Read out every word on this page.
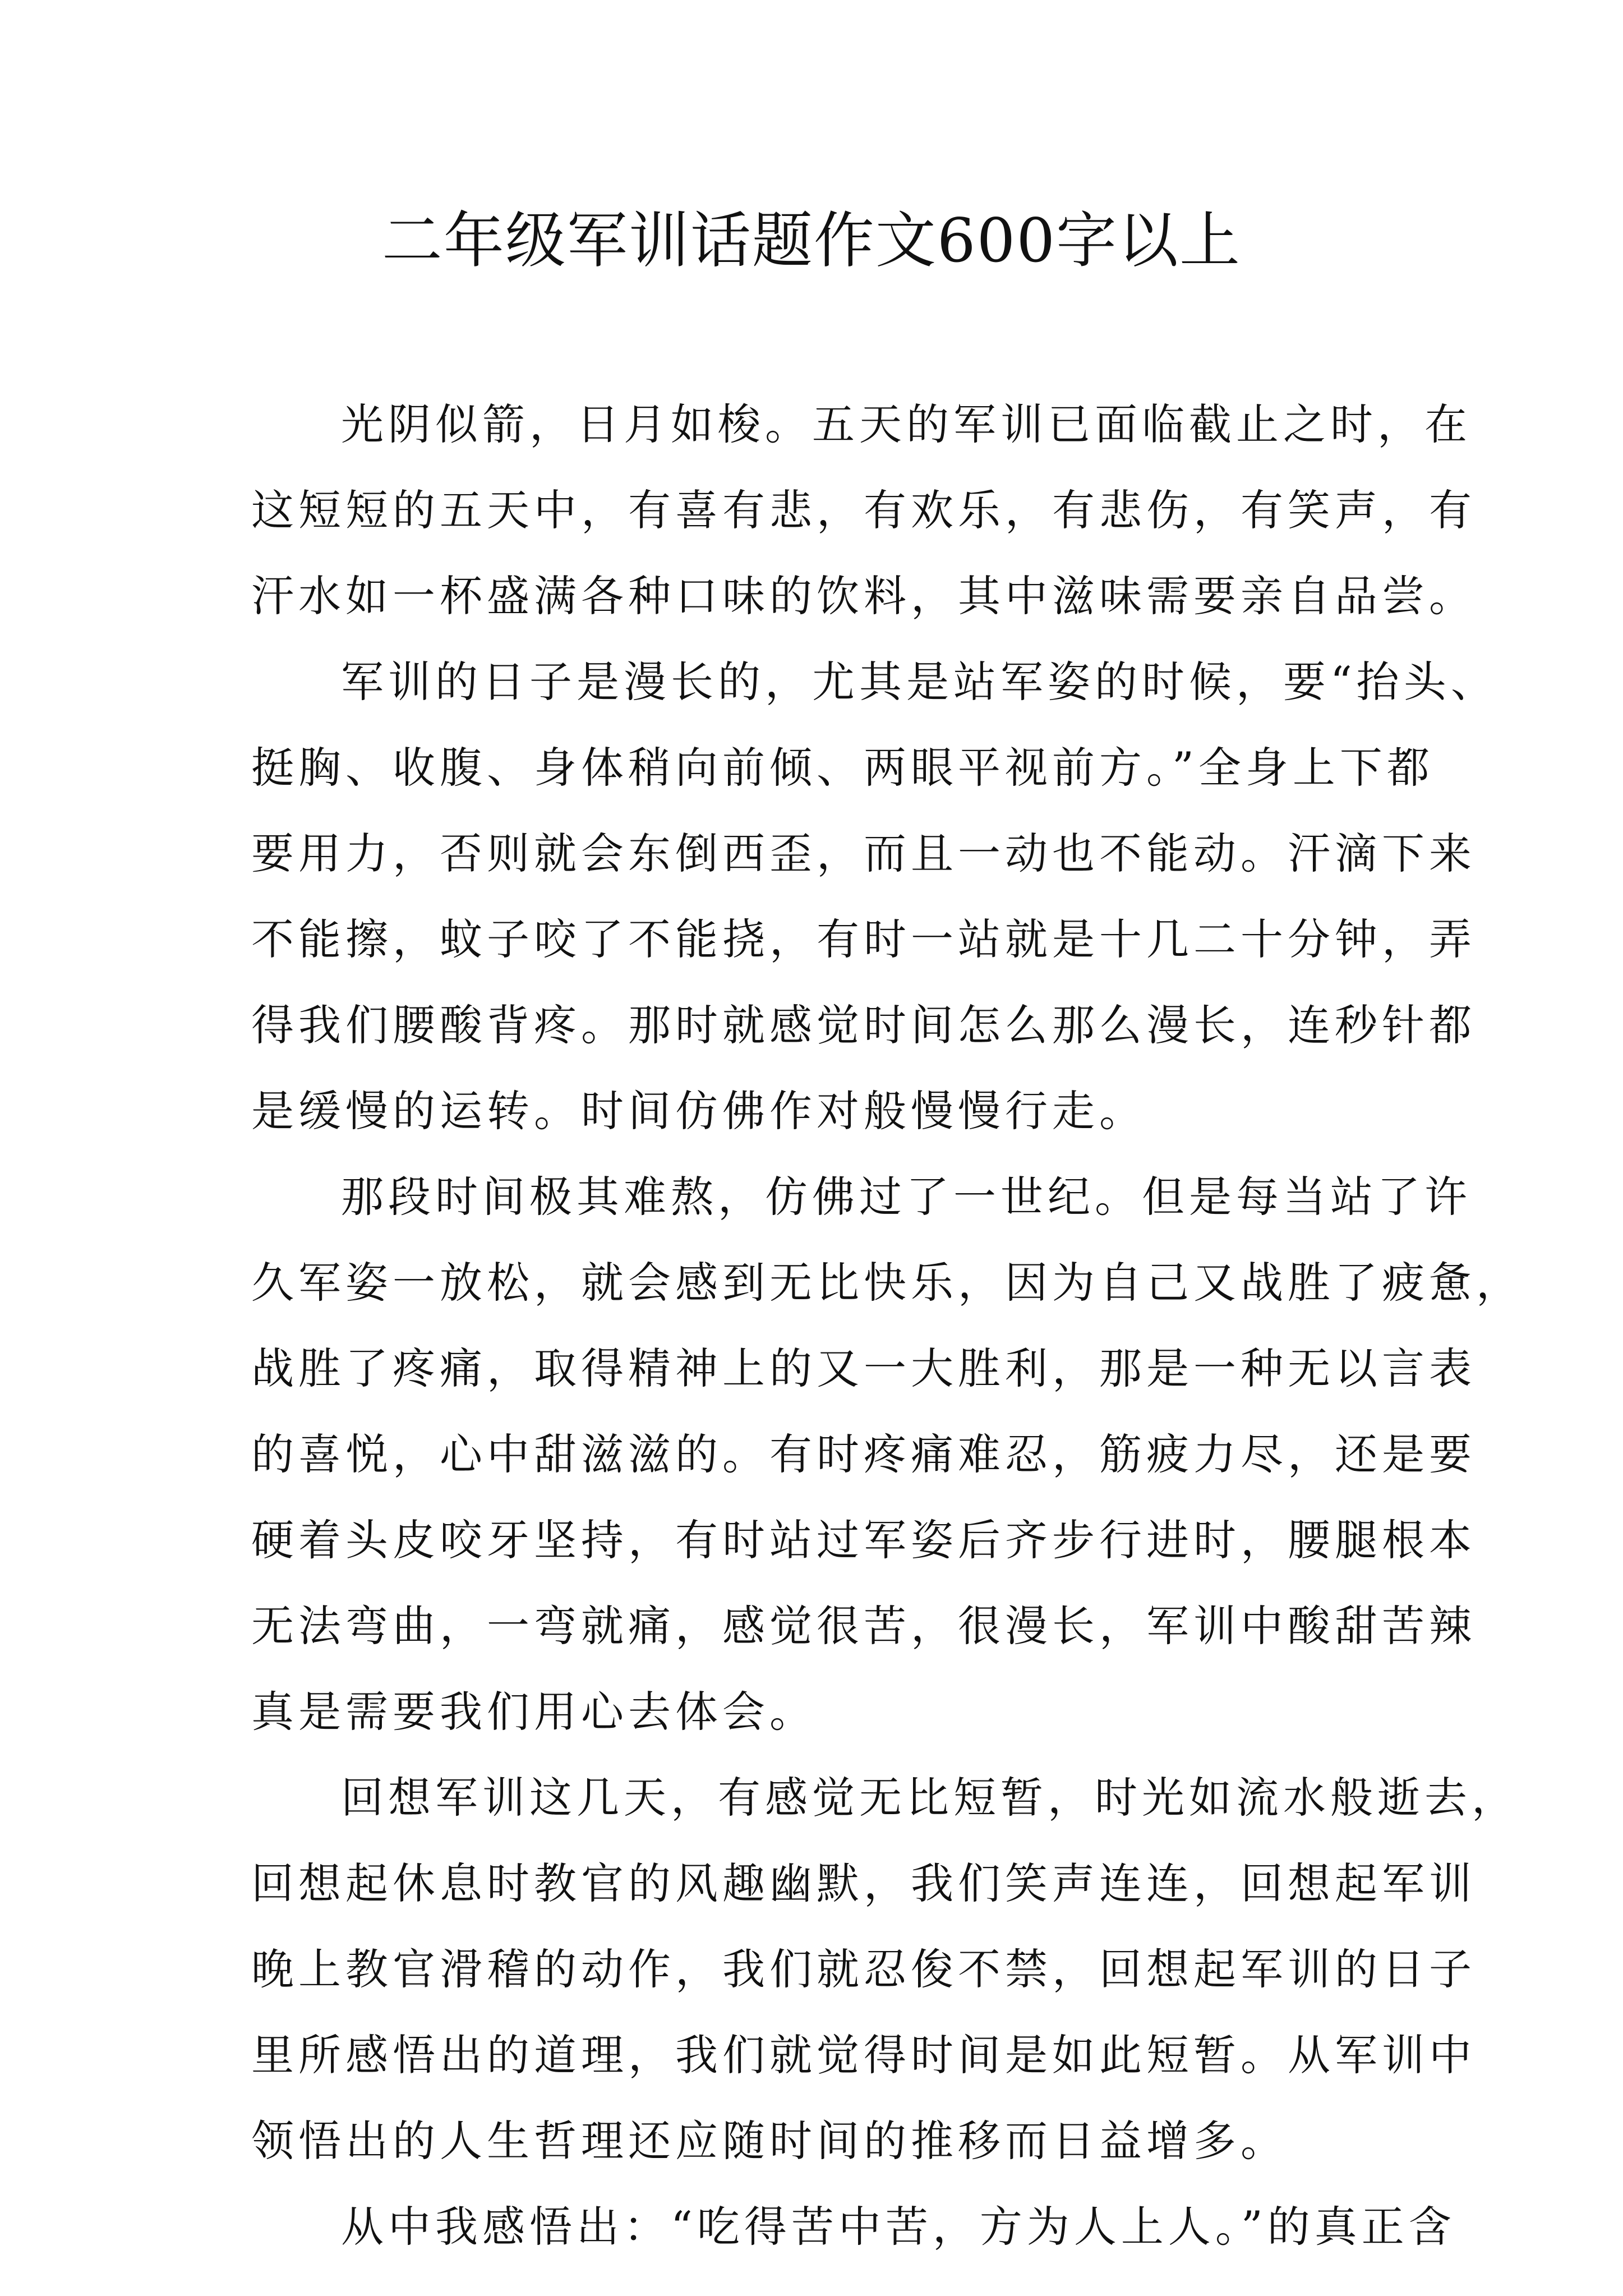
二年级军训话题作文600字以上
光阴似箭，日月如梭。五天的军训已面临截止之时，在
这短短的五天中，有喜有悲，有欢乐，有悲伤，有笑声，有
汗水如一杯盛满各种口味的饮料，其中滋味需要亲自品尝。
军训的日子是漫长的，尤其是站军姿的时候，要“抬头、
挺胸、收腹、身体稍向前倾、两眼平视前方。”全身上下都
要用力，否则就会东倒西歪，而且一动也不能动。汗滴下来
不能擦，蚊子咬了不能挠，有时一站就是十几二十分钟，弄
得我们腰酸背疼。那时就感觉时间怎么那么漫长，连秒针都
是缓慢的运转。时间仿佛作对般慢慢行走。
那段时间极其难熬，仿佛过了一世纪。但是每当站了许
久军姿一放松，就会感到无比快乐，因为自己又战胜了疲惫，
战胜了疼痛，取得精神上的又一大胜利，那是一种无以言表
的喜悦，心中甜滋滋的。有时疼痛难忍，筋疲力尽，还是要
硬着头皮咬牙坚持，有时站过军姿后齐步行进时，腰腿根本
无法弯曲，一弯就痛，感觉很苦，很漫长，军训中酸甜苦辣
真是需要我们用心去体会。
回想军训这几天，有感觉无比短暂，时光如流水般逝去，
回想起休息时教官的风趣幽默，我们笑声连连，回想起军训
晚上教官滑稽的动作，我们就忍俊不禁，回想起军训的日子
里所感悟出的道理，我们就觉得时间是如此短暂。从军训中
领悟出的人生哲理还应随时间的推移而日益增多。
从中我感悟出：“吃得苦中苦，方为人上人。”的真正含
